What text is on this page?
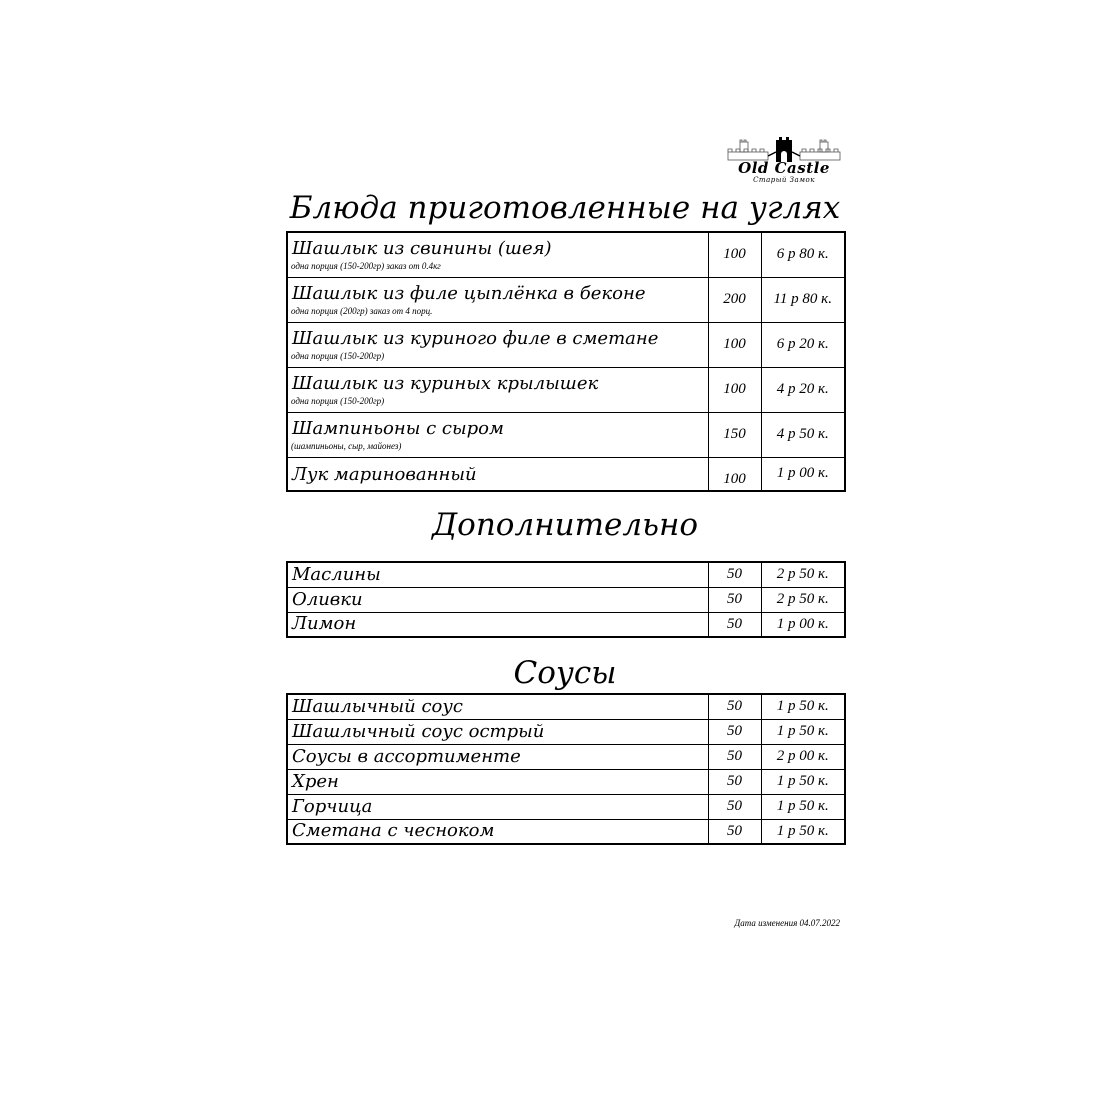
Old Castle
Старый Замок
Блюда приготовленные на углях
Шашлык из свинины (шея)
одна порция (150-200гр) заказ от 0.4кг	100	6 р 80 к.

Шашлык из филе цыплёнка в беконе
одна порция (200гр) заказ от 4 порц.	200	11 р 80 к.

Шашлык из куриного филе в сметане
одна порция (150-200гр)	100	6 р 20 к.

Шашлык из куриных крылышек
одна порция (150-200гр)	100	4 р 20 к.

Шампиньоны с сыром
(шампиньоны, сыр, майонез)	150	4 р 50 к.

Лук маринованный	100	1 р 00 к.
Дополнительно
Маслины	50	2 р 50 к.

Оливки	50	2 р 50 к.

Лимон	50	1 р 00 к.
Соусы
Шашлычный соус	50	1 р 50 к.

Шашлычный соус острый	50	1 р 50 к.

Соусы в ассортименте	50	2 р 00 к.

Хрен	50	1 р 50 к.

Горчица	50	1 р 50 к.

Сметана с чесноком	50	1 р 50 к.
Дата изменения 04.07.2022
